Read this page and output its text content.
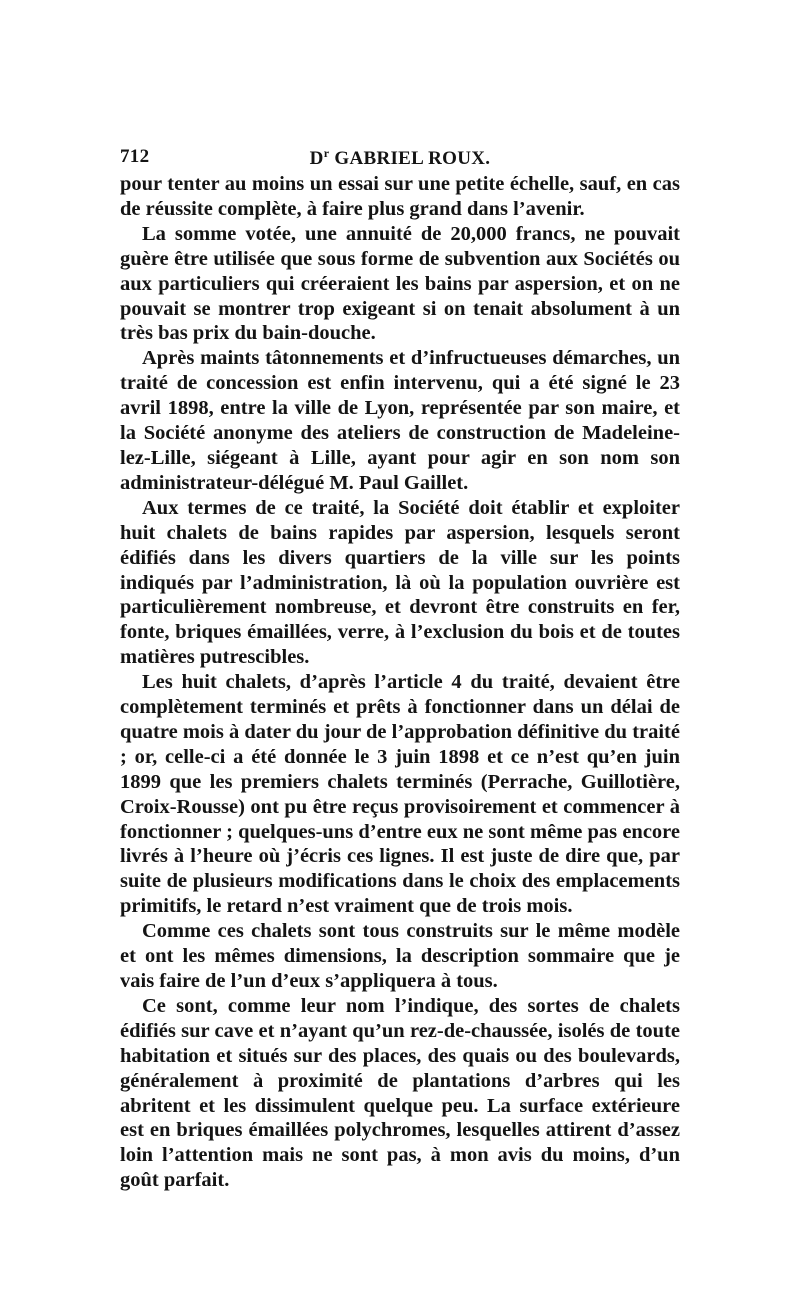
712	$D^r$ GABRIEL ROUX.

pour tenter au moins un essai sur une petite échelle, sauf, en cas de réussite complète, à faire plus grand dans l’avenir.

La somme votée, une annuité de 20,000 francs, ne pouvait guère être utilisée que sous forme de subvention aux Sociétés ou aux particuliers qui créeraient les bains par aspersion, et on ne pouvait se montrer trop exigeant si on tenait absolument à un très bas prix du bain-douche.

Après maints tâtonnements et d’infructueuses démarches, un traité de concession est enfin intervenu, qui a été signé le 23 avril 1898, entre la ville de Lyon, représentée par son maire, et la Société anonyme des ateliers de construction de Madeleine-lez-Lille, siégeant à Lille, ayant pour agir en son nom son administrateur-délégué M. Paul Gaillet.

Aux termes de ce traité, la Société doit établir et exploiter huit chalets de bains rapides par aspersion, lesquels seront édifiés dans les divers quartiers de la ville sur les points indiqués par l’administration, là où la population ouvrière est particulièrement nombreuse, et devront être construits en fer, fonte, briques émaillées, verre, à l’exclusion du bois et de toutes matières putrescibles.

Les huit chalets, d’après l’article 4 du traité, devaient être complètement terminés et prêts à fonctionner dans un délai de quatre mois à dater du jour de l’approbation définitive du traité ; or, celle-ci a été donnée le 3 juin 1898 et ce n’est qu’en juin 1899 que les premiers chalets terminés (Perrache, Guillotière, Croix-Rousse) ont pu être reçus provisoirement et commencer à fonctionner ; quelques-uns d’entre eux ne sont même pas encore livrés à l’heure où j’écris ces lignes. Il est juste de dire que, par suite de plusieurs modifications dans le choix des emplacements primitifs, le retard n’est vraiment que de trois mois.

Comme ces chalets sont tous construits sur le même modèle et ont les mêmes dimensions, la description sommaire que je vais faire de l’un d’eux s’appliquera à tous.

Ce sont, comme leur nom l’indique, des sortes de chalets édifiés sur cave et n’ayant qu’un rez-de-chaussée, isolés de toute habitation et situés sur des places, des quais ou des boulevards, généralement à proximité de plantations d’arbres qui les abritent et les dissimulent quelque peu. La surface extérieure est en briques émaillées polychromes, lesquelles attirent d’assez loin l’attention mais ne sont pas, à mon avis du moins, d’un goût parfait.
